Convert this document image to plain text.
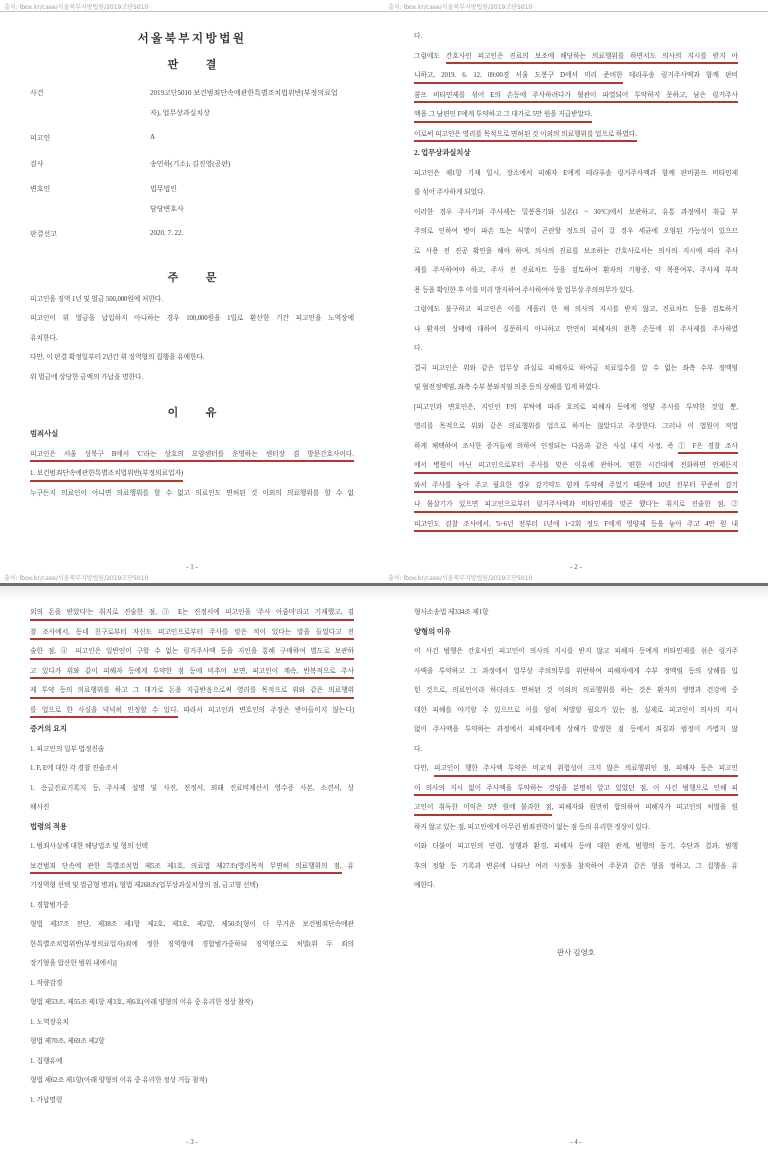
출처: lbox.kr/case/서울북부지방법원/2019고단5010	출처: lbox.kr/case/서울북부지방법원/2019고단5010
서울북부지방법원
판          결
사건	2019고단5010 보건범죄단속에관한특별조치법위반(부정의료업
자), 업무상과실치상
피고인	A
검사	송민하(기소), 김진영(공판)
변호인	법무법인
담당변호사
판결선고	2020. 7. 22.
주          문
피고인을 징역 1년 및 벌금 500,000원에 처한다.
피고인이 위 벌금을 납입하지 아니하는 경우 100,000원을 1일로 환산한 기간 피고인을 노역장에
유치한다.
다만, 이 판결 확정일부터 2년간 위 징역형의 집행을 유예한다.
위 벌금에 상당한 금액의 가납을 명한다.
이          유
범죄사실
피고인은 서울 성북구 B에서 'C'라는 상호의 요양센터를 운영하는 센터장 겸 방문간호사이다.
1. 보건범죄단속에관한특별조치법위반(부정의료업자)
누구든지 의료인이 아니면 의료행위를 할 수 없고 의료인도 면허된 것 이외의 의료행위를 할 수 없
- 1 -
다.
그럼에도 간호사인 피고인은 진료의 보조에 해당하는 의료행위를 하면서도 의사의 지시를 받지 아
니하고, 2019. 6. 12. 09:00경 서울 도봉구 D에서 미리 준비한 테라푸솔 링거주사액과 함께 판비
콤프 비타민제를 섞어 E의 손등에 주사하려다가 혈관이 파열되어 투약하지 못하고, 남은 링거주사
액을 그 남편인 F에게 투약하고 그 대가로 5만 원을 지급받았다.
이로써 피고인은 영리를 목적으로 면허된 것 이외의 의료행위를 업으로 하였다.
2. 업무상과실치상
피고인은 제1항 기재 일시, 장소에서 피해자 E에게 테라푸솔 링거주사액과 함께 판비콤프 비타민제
를 섞어 주사하게 되었다.
이러한 경우 주사기와 주사제는 밀봉용기와 실온(1 ~ 30°C)에서 보관하고, 유통 과정에서 취급 부
주의로 인하여 병이 파손 또는 식별이 곤란할 정도의 금이 갈 경우 세균에 오염된 가능성이 있으므
로 사용 전 진공 확인을 해야 하며, 의사의 진료를 보조하는 간호사로서는 의사의 지시에 따라 주사
제를 주사하여야 하고, 주사 전 진료차트 등을 검토하여 환자의 기왕증, 약 복용여부, 주사제 부작
용 등을 확인한 후 이를 미리 방지하여 주사하여야 할 업무상 주의의무가 있다.
그럼에도 불구하고 피고인은 이를 게을리 한 채 의사의 지시를 받지 않고, 진료차트 등을 검토하거
나 환자의 상태에 대하여 질문하지 아니하고 만연히 피해자의 왼쪽 손등에 위 주사제를 주사하였
다.
결국 피고인은 위와 같은 업무상 과실로 피해자로 하여금 치료일수를 알 수 없는 좌측 수부 정맥염
및 혈전정맥염, 좌측 수부 봉와직염 의증 등의 상해를 입게 하였다.
[피고인과 변호인은, 지인인 F의 부탁에 따라 호의로 피해자 등에게 영양 주사를 투약한 것일 뿐,
영리를 목적으로 위와 같은 의료행위를 업으로 하지는 않았다고 주장한다. 그러나 이 법원이 적법
하게 채택하여 조사한 증거들에 의하여 인정되는 다음과 같은 사실 내지 사정, 즉 ① F은 경찰 조사
에서 병원이 아닌 피고인으로부터 주사를 맞은 이유에 관하여, '편한 시간대에 전화하면 언제든지
와서 주사를 놓아 주고 필요한 경우 감기약도 함께 투약해 주었기 때문에 10년 전부터 꾸준히 감기
나 몸살기가 있으면 피고인으로부터 링거주사액과 비타민제를 맞곤 했다'는 취지로 진술한 점, ②
피고인도 검찰 조사에서, '5~6년 전부터 1년에 1~2회 정도 F에게 영양제 등을 놓아 주고 4만 원 내
- 2 -
출처: lbox.kr/case/서울북부지방법원/2019고단5010	출처: lbox.kr/case/서울북부지방법원/2019고단5010
외의 돈을 받았다'는 취지로 진술한 점, ③ E는 진정서에 피고인을 '주사 아줌마'라고 기재했고, 검
찰 조사에서, 동네 친구로부터 자신도 피고인으로부터 주사를 맞은 적이 있다는 말을 들었다고 진
술한 점, ④ 피고인은 일반인이 구할 수 없는 링거주사액 등을 지인을 통해 구매하여 별도로 보관하
고 있다가 위와 같이 피해자 등에게 투약한 점 등에 비추어 보면, 피고인이 계속, 반복적으로 주사
제 투약 등의 의료행위를 하고 그 대가로 돈을 지급받음으로써 영리를 목적으로 위와 같은 의료행위
를 업으로 한 사실을 넉넉히 인정할 수 있다. 따라서 피고인과 변호인의 주장은 받아들이지 않는다]
증거의 요지
1. 피고인의 일부 법정진술
1. F, E에 대한 각 경찰 진술조서
1. 응급진료기록지 등, 주사제 설명 및 사진, 진정서, 외래 진료비계산서 영수증 사본, 소견서, 상
해사진
법령의 적용
1. 범죄사실에 대한 해당법조 및 형의 선택
보건범죄 단속에 관한 특별조치법 제5조 제1호, 의료법 제27조(영리목적 무면허 의료행위의 점, 유
기징역형 선택 및 벌금형 병과), 형법 제268조(업무상과실치상의 점, 금고형 선택)
1. 경합범가중
형법 제37조 전단, 제38조 제1항 제2호, 제3호, 제2항, 제50조[형이 더 무거운 보건범죄단속에관
한특별조치법위반(부정의료업자)죄에 정한 징역형에 경합범가중하되 징역형으로 처벌(위 두 죄의
장기형을 합산한 범위 내에서)]
1. 작량감경
형법 제53조, 제55조 제1항 제3호, 제6호(아래 양형의 이유 중 유리한 정상 참작)
1. 노역장유치
형법 제70조, 제69조 제2항
1. 집행유예
형법 제62조 제1항(아래 양형의 이유 중 유리한 정상 거듭 참작)
1. 가납명령
- 3 -
형사소송법 제334조 제1항
양형의 이유
이 사건 범행은 간호사인 피고인이 의사의 지시를 받지 않고 피해자 등에게 비타민제를 섞은 링거주
사액을 투약하고 그 과정에서 업무상 주의의무를 위반하여 피해자에게 수부 정맥염 등의 상해를 입
힌 것으로, 의료인이라 하더라도 면허된 것 이외의 의료행위를 하는 것은 환자의 생명과 건강에 중
대한 피해를 야기할 수 있으므로 이를 엄히 처벌할 필요가 있는 점, 실제로 피고인이 의사의 지시
없이 주사액을 투약하는 과정에서 피해자에게 상해가 발생한 점 등에서 죄질과 범정이 가볍지 않
다.
다만, 피고인이 행한 주사액 투약은 비교적 위험성이 크지 않은 의료행위인 점, 피해자 등은 피고인
이 의사의 지시 없이 주사액을 투약하는 것임을 분명히 알고 있었던 점, 이 사건 범행으로 인해 피
고인이 취득한 이익은 5만 원에 불과한 점, 피해자와 원만히 합의하여 피해자가 피고인의 처벌을 원
하지 않고 있는 점, 피고인에게 아무런 범죄전력이 없는 점 등의 유리한 정상이 있다.
이와 더불어 피고인의 연령, 성행과 환경, 피해자 등에 대한 관계, 범행의 동기, 수단과 결과, 범행
후의 정황 등 기록과 변론에 나타난 여러 사정을 참작하여 주문과 같은 형을 정하고, 그 집행을 유
예한다.
판사 김영호
- 4 -
